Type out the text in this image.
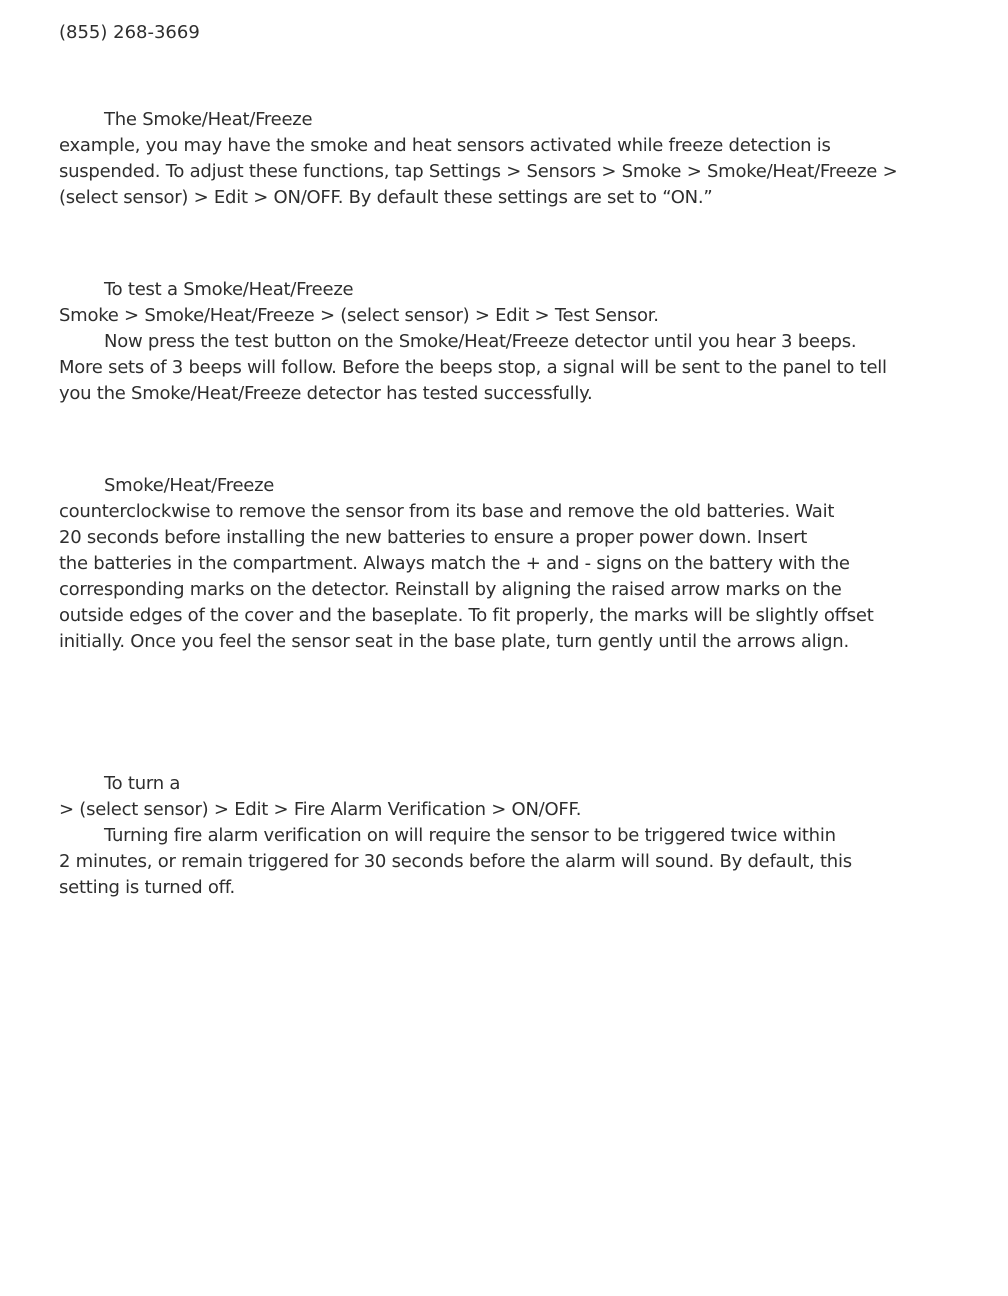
(855) 268-3669
The Smoke/Heat/Freeze
example, you may have the smoke and heat sensors activated while freeze detection is
suspended. To adjust these functions, tap Settings > Sensors > Smoke > Smoke/Heat/Freeze >
(select sensor) > Edit > ON/OFF. By default these settings are set to “ON.”
To test a Smoke/Heat/Freeze
Smoke > Smoke/Heat/Freeze > (select sensor) > Edit > Test Sensor.
Now press the test button on the Smoke/Heat/Freeze detector until you hear 3 beeps.
More sets of 3 beeps will follow. Before the beeps stop, a signal will be sent to the panel to tell
you the Smoke/Heat/Freeze detector has tested successfully.
Smoke/Heat/Freeze
counterclockwise to remove the sensor from its base and remove the old batteries. Wait
20 seconds before installing the new batteries to ensure a proper power down. Insert
the batteries in the compartment. Always match the + and - signs on the battery with the
corresponding marks on the detector. Reinstall by aligning the raised arrow marks on the
outside edges of the cover and the baseplate. To fit properly, the marks will be slightly offset
initially. Once you feel the sensor seat in the base plate, turn gently until the arrows align.
To turn a
> (select sensor) > Edit > Fire Alarm Verification > ON/OFF.
Turning fire alarm verification on will require the sensor to be triggered twice within
2 minutes, or remain triggered for 30 seconds before the alarm will sound. By default, this
setting is turned off.
